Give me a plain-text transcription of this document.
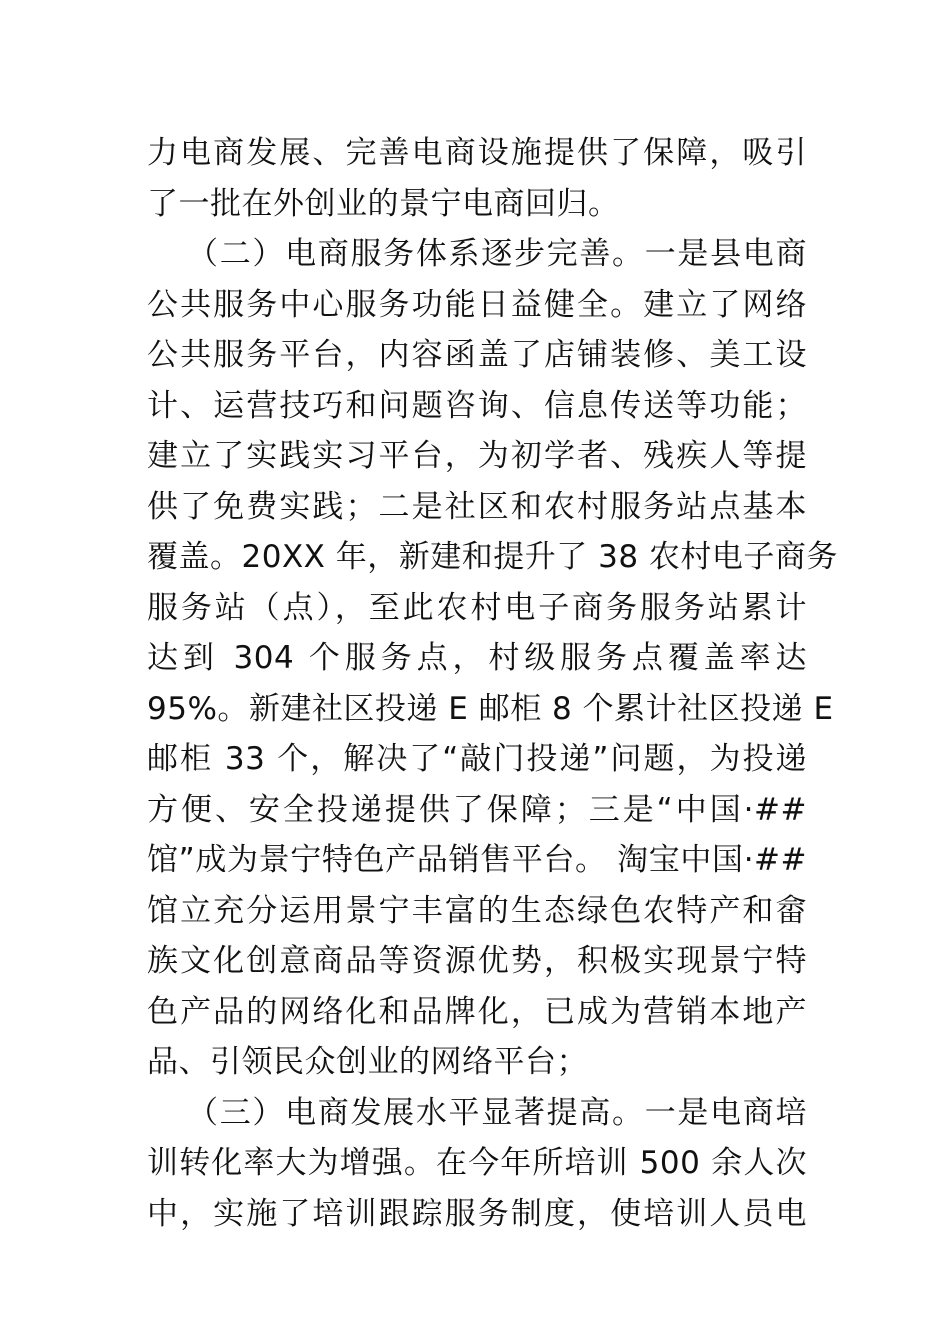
力电商发展、完善电商设施提供了保障，吸引
了一批在外创业的景宁电商回归。
（二）电商服务体系逐步完善。一是县电商
公共服务中心服务功能日益健全。建立了网络
公共服务平台，内容函盖了店铺装修、美工设
计、运营技巧和问题咨询、信息传送等功能；
建立了实践实习平台，为初学者、残疾人等提
供了免费实践；二是社区和农村服务站点基本
覆盖。20XX 年，新建和提升了 38 农村电子商务
服务站（点），至此农村电子商务服务站累计
达到 304 个服务点，村级服务点覆盖率达
95%。新建社区投递 E 邮柜 8 个累计社区投递 E
邮柜 33 个，解决了“敲门投递”问题，为投递
方便、安全投递提供了保障；三是“中国·##
馆”成为景宁特色产品销售平台。 淘宝中国·##
馆立充分运用景宁丰富的生态绿色农特产和畲
族文化创意商品等资源优势，积极实现景宁特
色产品的网络化和品牌化，已成为营销本地产
品、引领民众创业的网络平台；
（三）电商发展水平显著提高。一是电商培
训转化率大为增强。在今年所培训 500 余人次
中，实施了培训跟踪服务制度，使培训人员电
